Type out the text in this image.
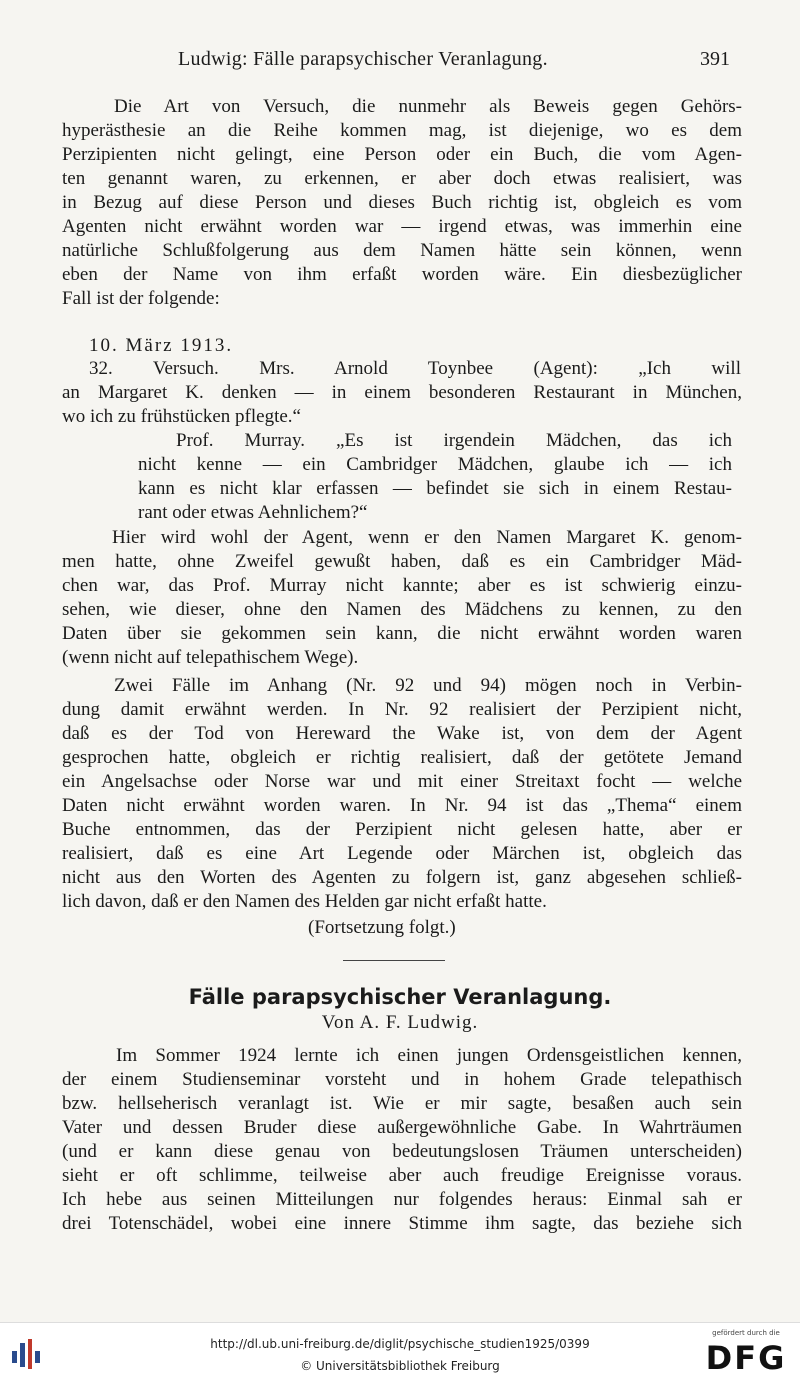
Ludwig: Fälle parapsychischer Veranlagung.	391
Die Art von Versuch, die nunmehr als Beweis gegen Gehörs-
hyperästhesie an die Reihe kommen mag, ist diejenige, wo es dem
Perzipienten nicht gelingt, eine Person oder ein Buch, die vom Agen-
ten genannt waren, zu erkennen, er aber doch etwas realisiert, was
in Bezug auf diese Person und dieses Buch richtig ist, obgleich es vom
Agenten nicht erwähnt worden war — irgend etwas, was immerhin eine
natürliche Schlußfolgerung aus dem Namen hätte sein können, wenn
eben der Name von ihm erfaßt worden wäre. Ein diesbezüglicher
Fall ist der folgende:
10. März 1913.
32. Versuch. Mrs. Arnold Toynbee (Agent): „Ich will
an Margaret K. denken — in einem besonderen Restaurant in München,
wo ich zu frühstücken pflegte.“
Prof. Murray. „Es ist irgendein Mädchen, das ich
nicht kenne — ein Cambridger Mädchen, glaube ich — ich
kann es nicht klar erfassen — befindet sie sich in einem Restau-
rant oder etwas Aehnlichem?“
Hier wird wohl der Agent, wenn er den Namen Margaret K. genom-
men hatte, ohne Zweifel gewußt haben, daß es ein Cambridger Mäd-
chen war, das Prof. Murray nicht kannte; aber es ist schwierig einzu-
sehen, wie dieser, ohne den Namen des Mädchens zu kennen, zu den
Daten über sie gekommen sein kann, die nicht erwähnt worden waren
(wenn nicht auf telepathischem Wege).
Zwei Fälle im Anhang (Nr. 92 und 94) mögen noch in Verbin-
dung damit erwähnt werden. In Nr. 92 realisiert der Perzipient nicht,
daß es der Tod von Hereward the Wake ist, von dem der Agent
gesprochen hatte, obgleich er richtig realisiert, daß der getötete Jemand
ein Angelsachse oder Norse war und mit einer Streitaxt focht — welche
Daten nicht erwähnt worden waren. In Nr. 94 ist das „Thema“ einem
Buche entnommen, das der Perzipient nicht gelesen hatte, aber er
realisiert, daß es eine Art Legende oder Märchen ist, obgleich das
nicht aus den Worten des Agenten zu folgern ist, ganz abgesehen schließ-
lich davon, daß er den Namen des Helden gar nicht erfaßt hatte.
(Fortsetzung folgt.)
Fälle parapsychischer Veranlagung.
Von A. F. Ludwig.
Im Sommer 1924 lernte ich einen jungen Ordensgeistlichen kennen,
der einem Studienseminar vorsteht und in hohem Grade telepathisch
bzw. hellseherisch veranlagt ist. Wie er mir sagte, besaßen auch sein
Vater und dessen Bruder diese außergewöhnliche Gabe. In Wahrträumen
(und er kann diese genau von bedeutungslosen Träumen unterscheiden)
sieht er oft schlimme, teilweise aber auch freudige Ereignisse voraus.
Ich hebe aus seinen Mitteilungen nur folgendes heraus: Einmal sah er
drei Totenschädel, wobei eine innere Stimme ihm sagte, das beziehe sich
http://dl.ub.uni-freiburg.de/diglit/psychische_studien1925/0399
© Universitätsbibliothek Freiburg
gefördert durch die
DFG
